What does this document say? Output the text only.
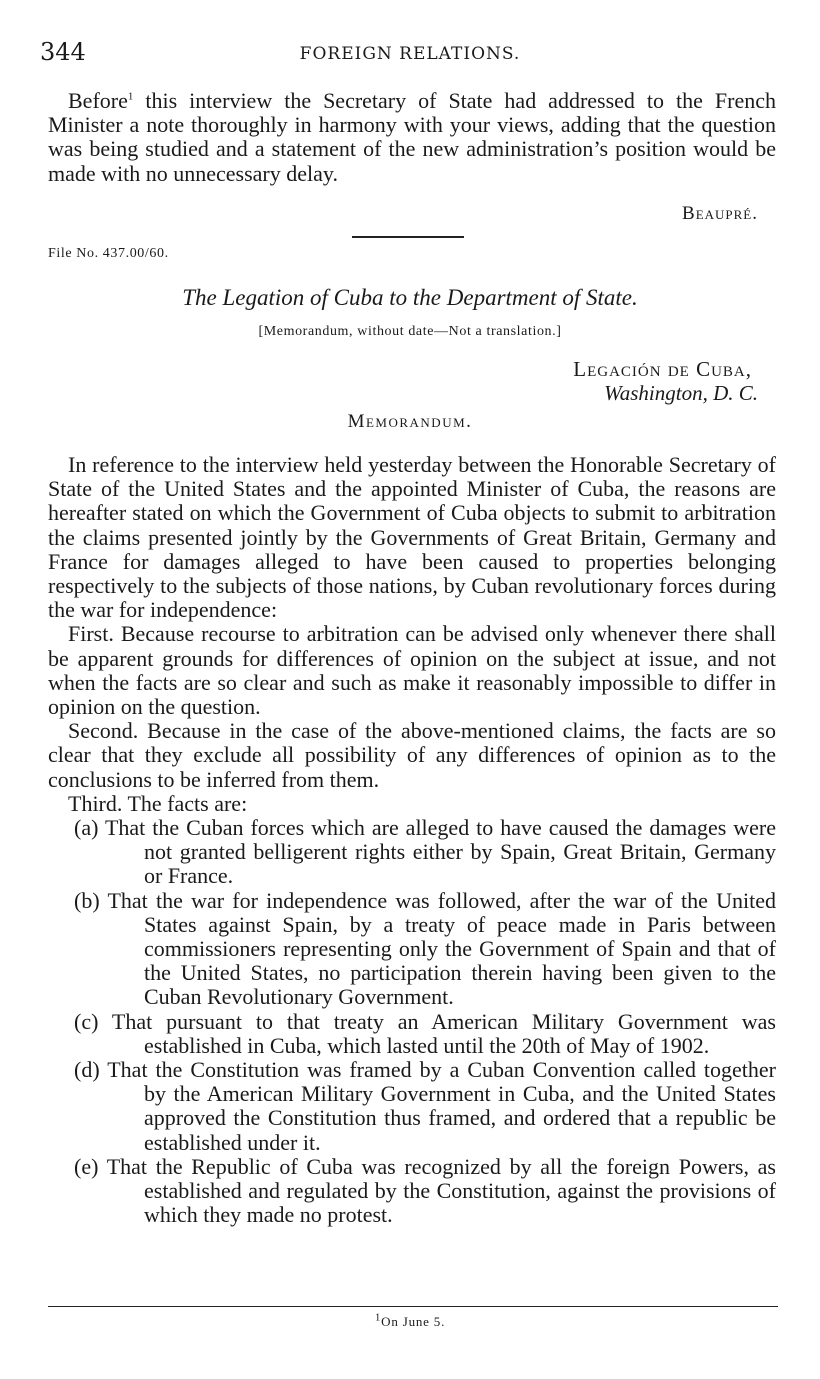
344	FOREIGN RELATIONS.
Before$^1$ this interview the Secretary of State had addressed to the French Minister a note thoroughly in harmony with your views, adding that the question was being studied and a statement of the new administration’s position would be made with no unnecessary delay.
Beaupré.
File No. 437.00/60.
The Legation of Cuba to the Department of State.
[Memorandum, without date—Not a translation.]
Legación de Cuba,
Washington, D. C.
Memorandum.

In reference to the interview held yesterday between the Honorable Secretary of State of the United States and the appointed Minister of Cuba, the reasons are hereafter stated on which the Government of Cuba objects to submit to arbitration the claims presented jointly by the Governments of Great Britain, Germany and France for damages alleged to have been caused to properties belonging respectively to the subjects of those nations, by Cuban revolutionary forces during the war for independence:

First. Because recourse to arbitration can be advised only whenever there shall be apparent grounds for differences of opinion on the subject at issue, and not when the facts are so clear and such as make it reasonably impossible to differ in opinion on the question.

Second. Because in the case of the above-mentioned claims, the facts are so clear that they exclude all possibility of any differences of opinion as to the conclusions to be inferred from them.

Third. The facts are:

(a) That the Cuban forces which are alleged to have caused the damages were not granted belligerent rights either by Spain, Great Britain, Germany or France.

(b) That the war for independence was followed, after the war of the United States against Spain, by a treaty of peace made in Paris between commissioners representing only the Government of Spain and that of the United States, no participation therein having been given to the Cuban Revolutionary Government.

(c) That pursuant to that treaty an American Military Government was established in Cuba, which lasted until the 20th of May of 1902.

(d) That the Constitution was framed by a Cuban Convention called together by the American Military Government in Cuba, and the United States approved the Constitution thus framed, and ordered that a republic be established under it.

(e) That the Republic of Cuba was recognized by all the foreign Powers, as established and regulated by the Constitution, against the provisions of which they made no protest.

$^1$On June 5.
